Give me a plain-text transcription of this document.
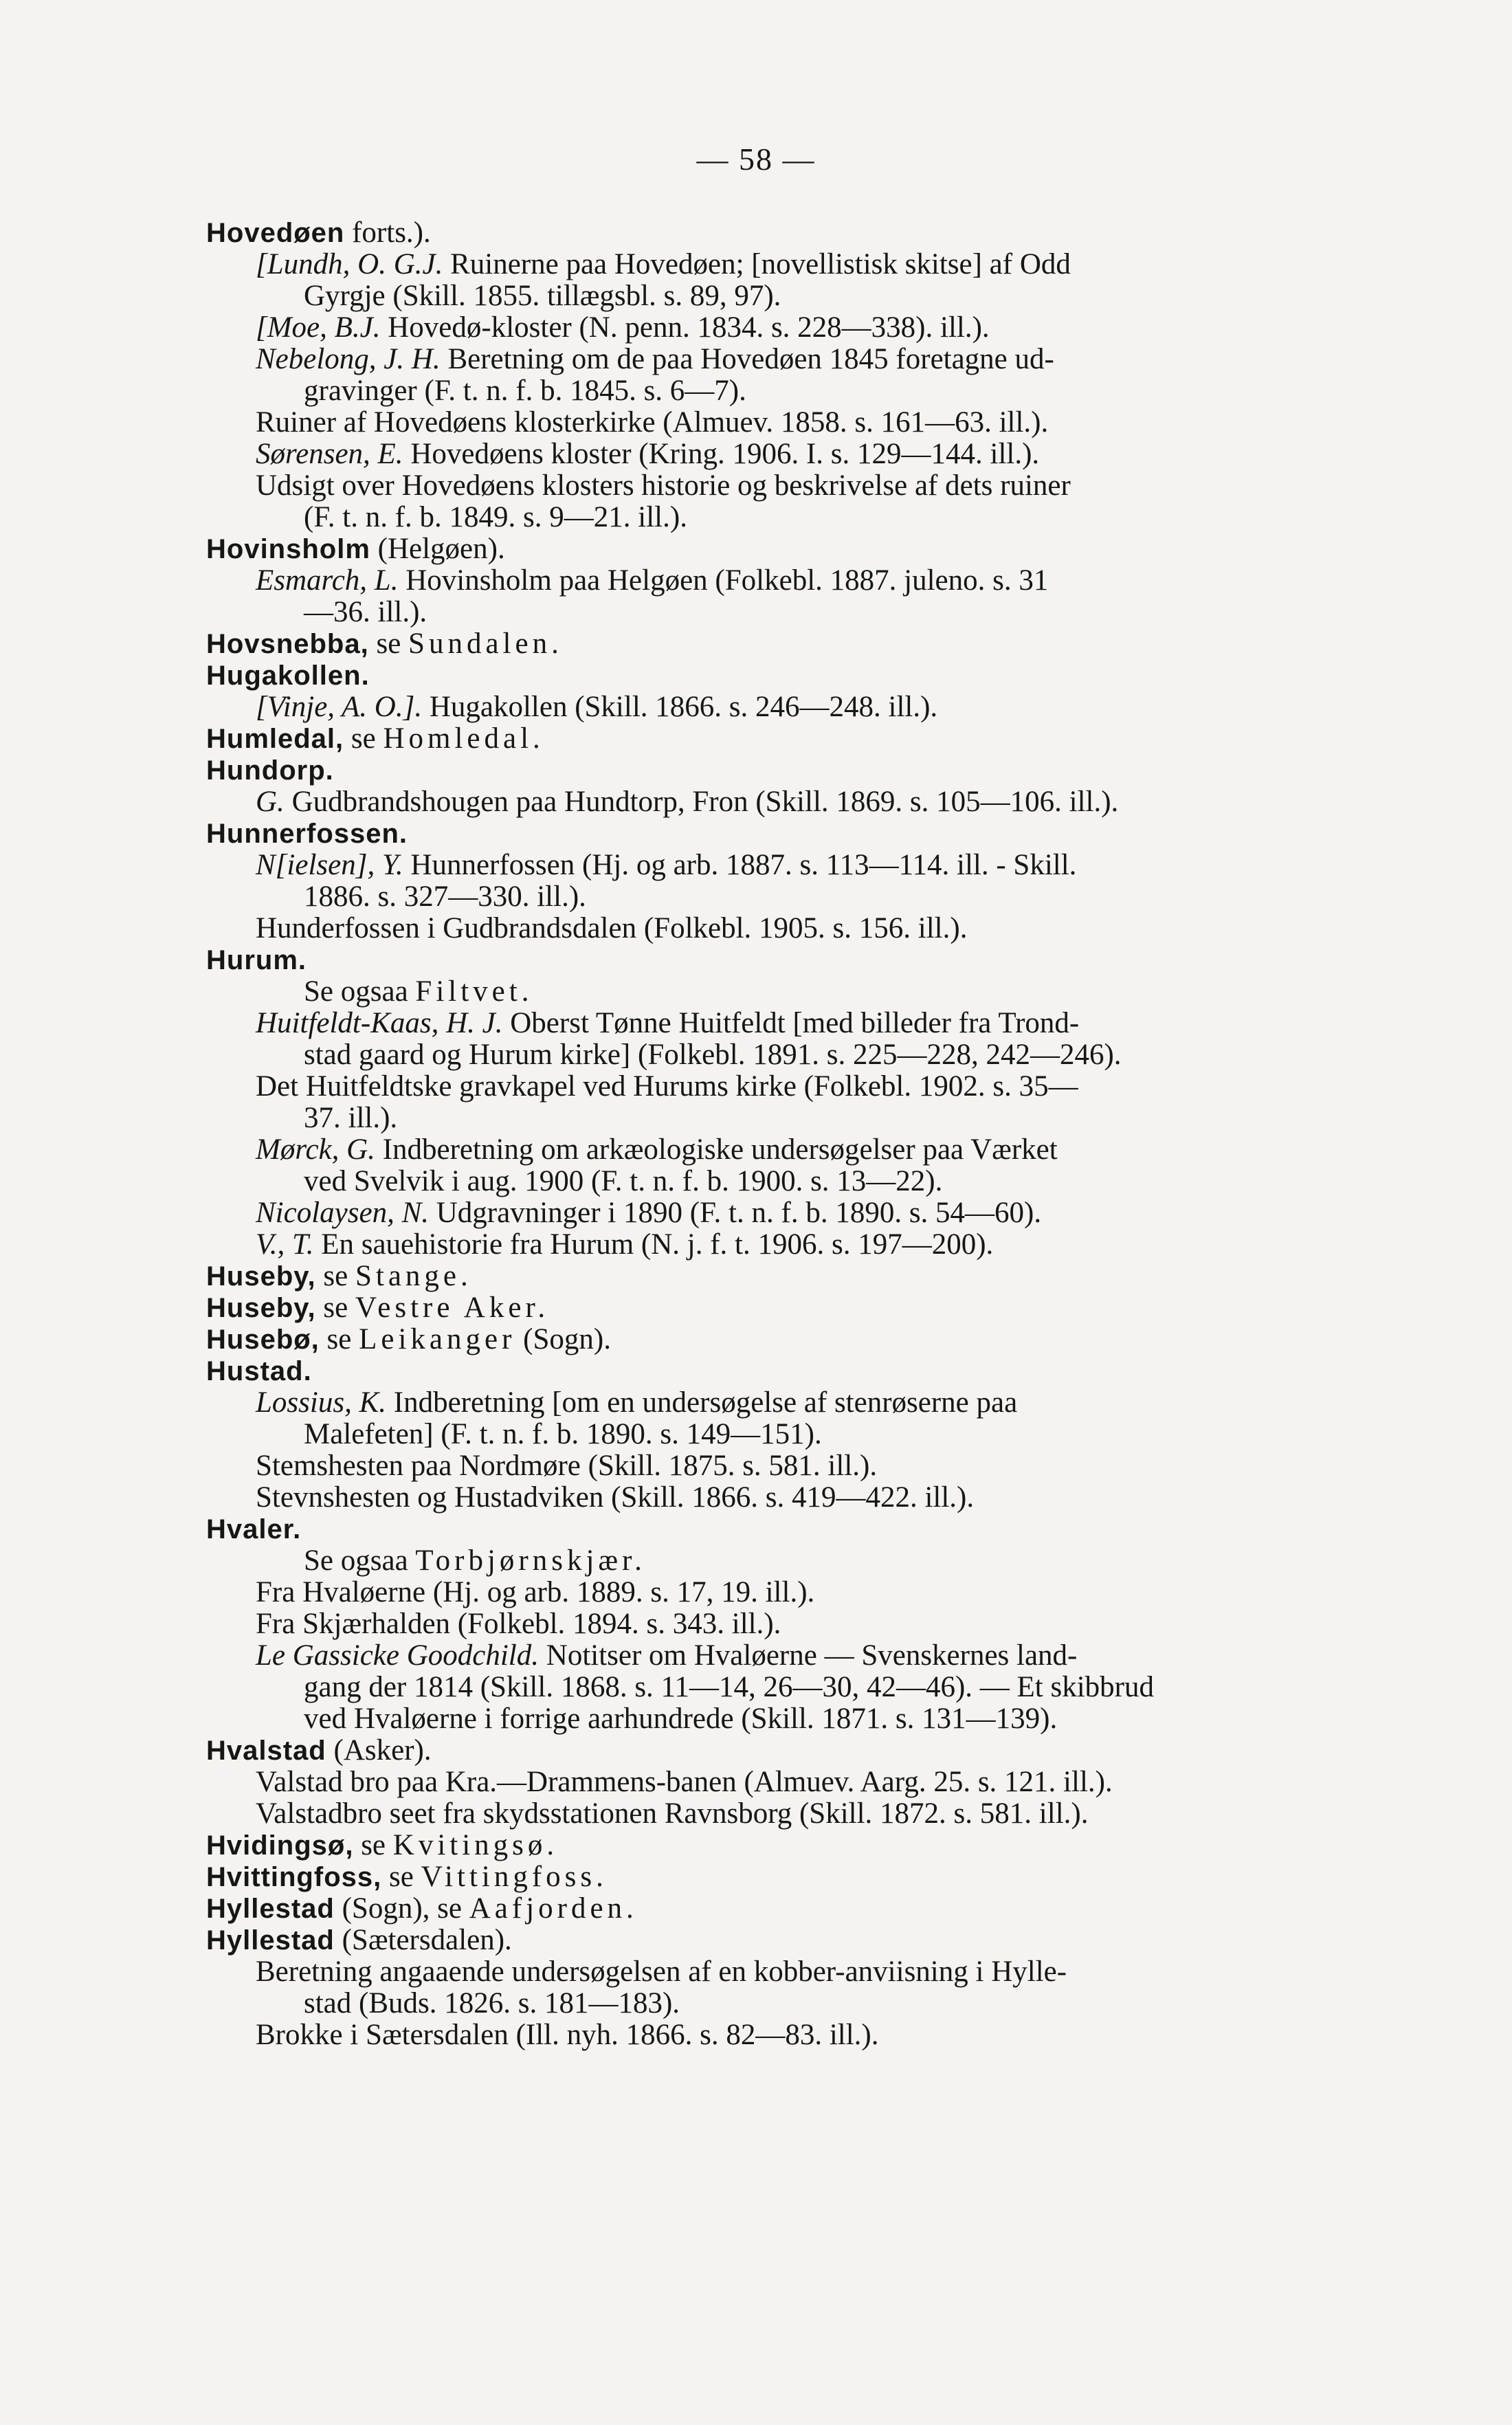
— 58 —
Hovedøen forts.).
[Lundh, O. G.J. Ruinerne paa Hovedøen; [novellistisk skitse] af Odd
Gyrgje (Skill. 1855. tillægsbl. s. 89, 97).
[Moe, B.J. Hovedø-kloster (N. penn. 1834. s. 228—338). ill.).
Nebelong, J. H. Beretning om de paa Hovedøen 1845 foretagne ud-
gravinger (F. t. n. f. b. 1845. s. 6—7).
Ruiner af Hovedøens klosterkirke (Almuev. 1858. s. 161—63. ill.).
Sørensen, E. Hovedøens kloster (Kring. 1906. I. s. 129—144. ill.).
Udsigt over Hovedøens klosters historie og beskrivelse af dets ruiner
(F. t. n. f. b. 1849. s. 9—21. ill.).
Hovinsholm (Helgøen).
Esmarch, L. Hovinsholm paa Helgøen (Folkebl. 1887. juleno. s. 31
—36. ill.).
Hovsnebba, se Sundalen.
Hugakollen.
[Vinje, A. O.]. Hugakollen (Skill. 1866. s. 246—248. ill.).
Humledal, se Homledal.
Hundorp.
G. Gudbrandshougen paa Hundtorp, Fron (Skill. 1869. s. 105—106. ill.).
Hunnerfossen.
N[ielsen], Y. Hunnerfossen (Hj. og arb. 1887. s. 113—114. ill. - Skill.
1886. s. 327—330. ill.).
Hunderfossen i Gudbrandsdalen (Folkebl. 1905. s. 156. ill.).
Hurum.
Se ogsaa Filtvet.
Huitfeldt-Kaas, H. J. Oberst Tønne Huitfeldt [med billeder fra Trond-
stad gaard og Hurum kirke] (Folkebl. 1891. s. 225—228, 242—246).
Det Huitfeldtske gravkapel ved Hurums kirke (Folkebl. 1902. s. 35—
37. ill.).
Mørck, G. Indberetning om arkæologiske undersøgelser paa Værket
ved Svelvik i aug. 1900 (F. t. n. f. b. 1900. s. 13—22).
Nicolaysen, N. Udgravninger i 1890 (F. t. n. f. b. 1890. s. 54—60).
V., T. En sauehistorie fra Hurum (N. j. f. t. 1906. s. 197—200).
Huseby, se Stange.
Huseby, se Vestre Aker.
Husebø, se Leikanger (Sogn).
Hustad.
Lossius, K. Indberetning [om en undersøgelse af stenrøserne paa
Malefeten] (F. t. n. f. b. 1890. s. 149—151).
Stemshesten paa Nordmøre (Skill. 1875. s. 581. ill.).
Stevnshesten og Hustadviken (Skill. 1866. s. 419—422. ill.).
Hvaler.
Se ogsaa Torbjørnskjær.
Fra Hvaløerne (Hj. og arb. 1889. s. 17, 19. ill.).
Fra Skjærhalden (Folkebl. 1894. s. 343. ill.).
Le Gassicke Goodchild. Notitser om Hvaløerne — Svenskernes land-
gang der 1814 (Skill. 1868. s. 11—14, 26—30, 42—46). — Et skibbrud
ved Hvaløerne i forrige aarhundrede (Skill. 1871. s. 131—139).
Hvalstad (Asker).
Valstad bro paa Kra.—Drammens-banen (Almuev. Aarg. 25. s. 121. ill.).
Valstadbro seet fra skydsstationen Ravnsborg (Skill. 1872. s. 581. ill.).
Hvidingsø, se Kvitingsø.
Hvittingfoss, se Vittingfoss.
Hyllestad (Sogn), se Aafjorden.
Hyllestad (Sætersdalen).
Beretning angaaende undersøgelsen af en kobber-anviisning i Hylle-
stad (Buds. 1826. s. 181—183).
Brokke i Sætersdalen (Ill. nyh. 1866. s. 82—83. ill.).
